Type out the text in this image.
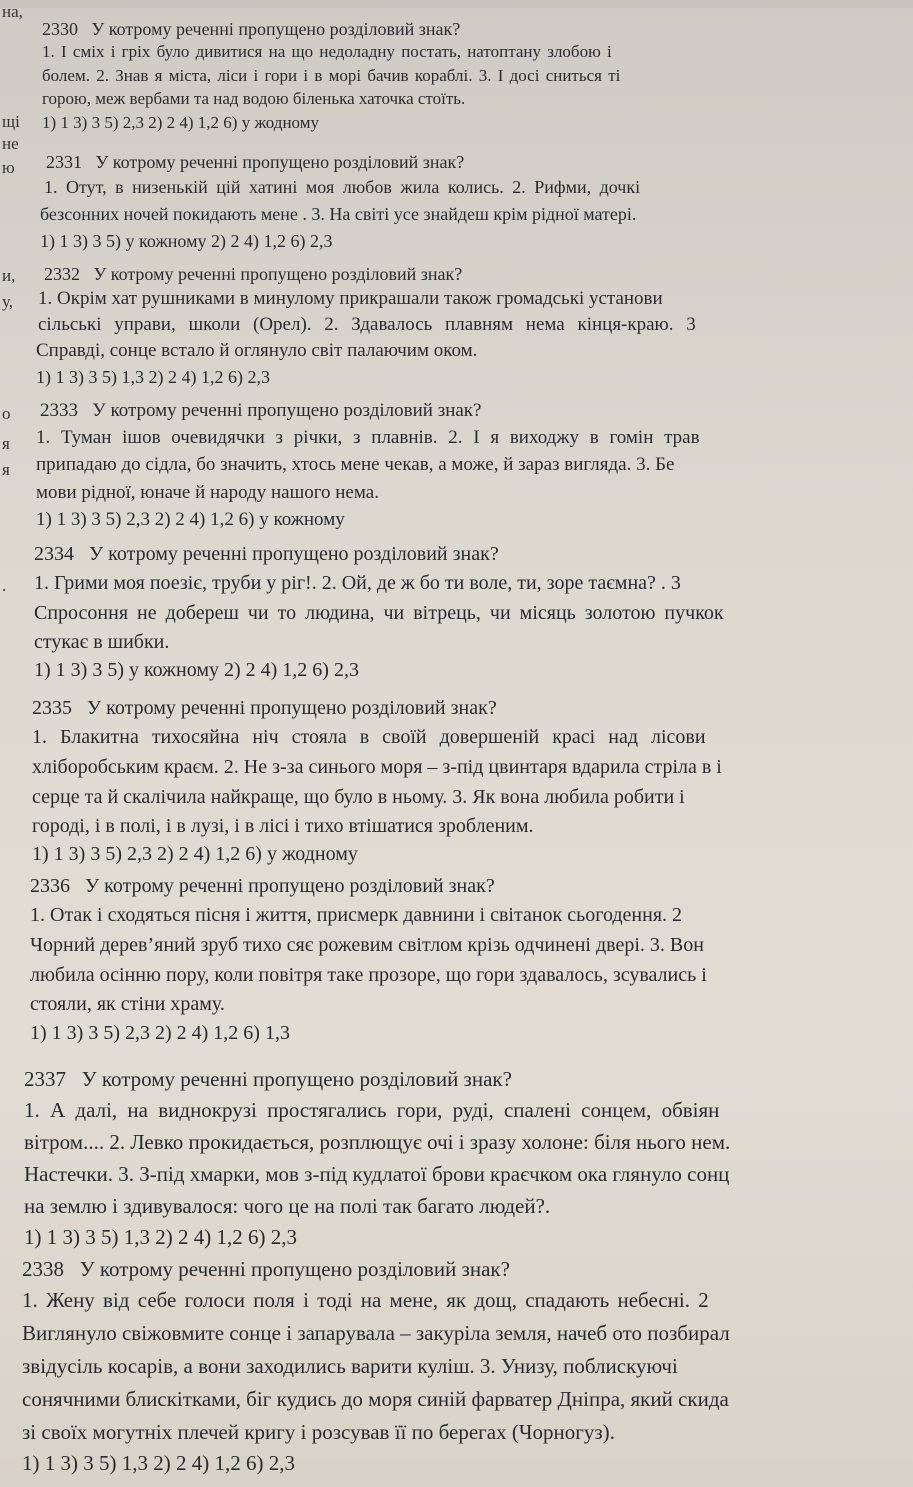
на,
щі
не
ю
и,
у,
о
я
я
.
2330 У котрому реченні пропущено розділовий знак?
1. І сміх і гріх було дивитися на що недоладну постать, натоптану злобою і
болем. 2. Знав я міста, ліси і гори і в морі бачив кораблі. 3. І досі сниться ті
горою, меж вербами та над водою біленька хаточка стоїть.
1) 1 3) 3 5) 2,3 2) 2 4) 1,2 6) у жодному
2331 У котрому реченні пропущено розділовий знак?
1. Отут, в низенькій цій хатині моя любов жила колись. 2. Рифми, дочкі
безсонних ночей покидають мене . 3. На світі усе знайдеш крім рідної матері.
1) 1 3) 3 5) у кожному 2) 2 4) 1,2 6) 2,3
2332 У котрому реченні пропущено розділовий знак?
1. Окрім хат рушниками в минулому прикрашали також громадські установи
сільські управи, школи (Орел). 2. Здавалось плавням нема кінця-краю. 3
Справді, сонце встало й оглянуло світ палаючим оком.
1) 1 3) 3 5) 1,3 2) 2 4) 1,2 6) 2,3
2333 У котрому реченні пропущено розділовий знак?
1. Туман ішов очевидячки з річки, з плавнів. 2. І я виходжу в гомін трав
припадаю до сідла, бо значить, хтось мене чекав, а може, й зараз вигляда. 3. Бе
мови рідної, юначе й народу нашого нема.
1) 1 3) 3 5) 2,3 2) 2 4) 1,2 6) у кожному
2334 У котрому реченні пропущено розділовий знак?
1. Грими моя поезіє, труби у ріг!. 2. Ой, де ж бо ти воле, ти, зоре таємна? . 3
Спросоння не добереш чи то людина, чи вітрець, чи місяць золотою пучкок
стукає в шибки.
1) 1 3) 3 5) у кожному 2) 2 4) 1,2 6) 2,3
2335 У котрому реченні пропущено розділовий знак?
1. Блакитна тихосяйна ніч стояла в своїй довершеній красі над лісови
хліборобським краєм. 2. Не з-за синього моря – з-під цвинтаря вдарила стріла в і
серце та й скалічила найкраще, що було в ньому. 3. Як вона любила робити і
городі, і в полі, і в лузі, і в лісі і тихо втішатися зробленим.
1) 1 3) 3 5) 2,3 2) 2 4) 1,2 6) у жодному
2336 У котрому реченні пропущено розділовий знак?
1. Отак і сходяться пісня і життя, присмерк давнини і світанок сьогодення. 2
Чорний дерев’яний зруб тихо сяє рожевим світлом крізь одчинені двері. 3. Вон
любила осінню пору, коли повітря таке прозоре, що гори здавалось, зсувались і
стояли, як стіни храму.
1) 1 3) 3 5) 2,3 2) 2 4) 1,2 6) 1,3
2337 У котрому реченні пропущено розділовий знак?
1. А далі, на виднокрузі простягались гори, руді, спалені сонцем, обвіян
вітром.... 2. Левко прокидається, розплющує очі і зразу холоне: біля нього нем.
Настечки. 3. З-під хмарки, мов з-під кудлатої брови краєчком ока глянуло сонц
на землю і здивувалося: чого це на полі так багато людей?.
1) 1 3) 3 5) 1,3 2) 2 4) 1,2 6) 2,3
2338 У котрому реченні пропущено розділовий знак?
1. Жену від себе голоси поля і тоді на мене, як дощ, спадають небесні. 2
Виглянуло свіжовмите сонце і запарувала – закуріла земля, начеб ото позбирал
звідусіль косарів, а вони заходились варити куліш. 3. Унизу, поблискуючі
сонячними блискітками, біг кудись до моря синій фарватер Дніпра, який скида
зі своїх могутніх плечей кригу і розсував її по берегах (Чорногуз).
1) 1 3) 3 5) 1,3 2) 2 4) 1,2 6) 2,3
